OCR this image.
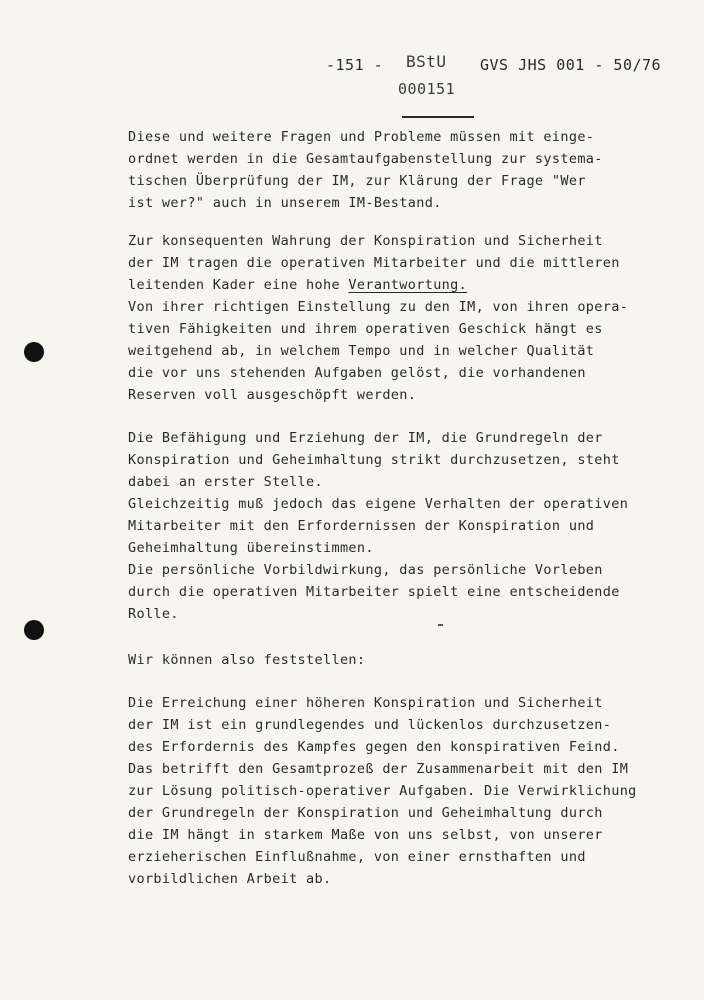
-151 - BStU GVS JHS 001 - 50/76
000151
Diese und weitere Fragen und Probleme müssen mit einge-
ordnet werden in die Gesamtaufgabenstellung zur systema-
tischen Überprüfung der IM, zur Klärung der Frage "Wer
ist wer?" auch in unserem IM-Bestand.
Zur konsequenten Wahrung der Konspiration und Sicherheit
der IM tragen die operativen Mitarbeiter und die mittleren
leitenden Kader eine hohe Verantwortung.
Von ihrer richtigen Einstellung zu den IM, von ihren opera-
tiven Fähigkeiten und ihrem operativen Geschick hängt es
weitgehend ab, in welchem Tempo und in welcher Qualität
die vor uns stehenden Aufgaben gelöst, die vorhandenen
Reserven voll ausgeschöpft werden.
Die Befähigung und Erziehung der IM, die Grundregeln der
Konspiration und Geheimhaltung strikt durchzusetzen, steht
dabei an erster Stelle.
Gleichzeitig muß jedoch das eigene Verhalten der operativen
Mitarbeiter mit den Erfordernissen der Konspiration und
Geheimhaltung übereinstimmen.
Die persönliche Vorbildwirkung, das persönliche Vorleben
durch die operativen Mitarbeiter spielt eine entscheidende
Rolle.
Wir können also feststellen:
Die Erreichung einer höheren Konspiration und Sicherheit
der IM ist ein grundlegendes und lückenlos durchzusetzen-
des Erfordernis des Kampfes gegen den konspirativen Feind.
Das betrifft den Gesamtprozeß der Zusammenarbeit mit den IM
zur Lösung politisch-operativer Aufgaben. Die Verwirklichung
der Grundregeln der Konspiration und Geheimhaltung durch
die IM hängt in starkem Maße von uns selbst, von unserer
erzieherischen Einflußnahme, von einer ernsthaften und
vorbildlichen Arbeit ab.
